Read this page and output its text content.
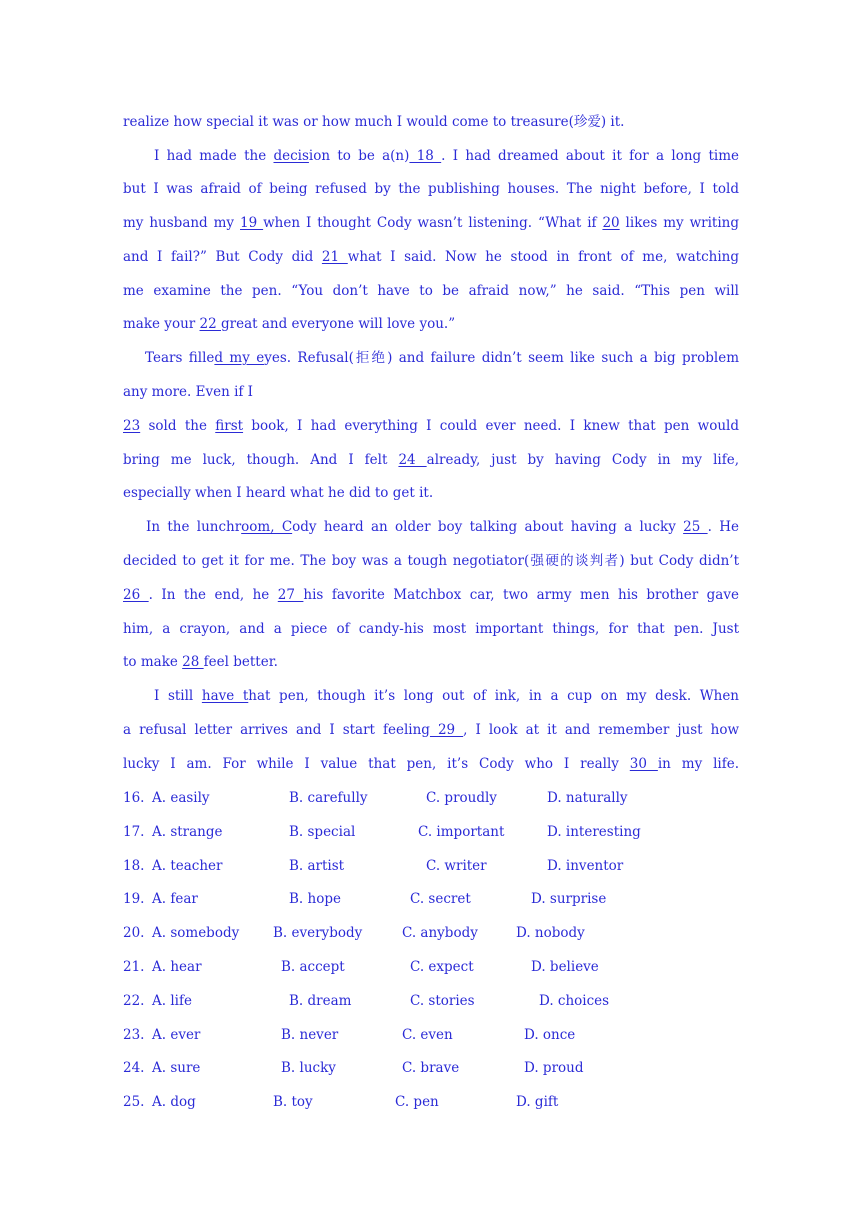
realize how special it was or how much I would come to treasure(珍爱) it.
I had made the decision to be a(n) 18 . I had dreamed about it for a long time
but I was afraid of being refused by the publishing houses. The night before, I told
my husband my 19 when I thought Cody wasn’t listening. “What if 20 likes my writing
and I fail?” But Cody did 21 what I said. Now he stood in front of me, watching
me examine the pen. “You don’t have to be afraid now,” he said. “This pen will
make your 22 great and everyone will love you.”
Tears filled my eyes. Refusal(拒绝) and failure didn’t seem like such a big problem
any more. Even if I
23 sold the first book, I had everything I could ever need. I knew that pen would
bring me luck, though. And I felt 24 already, just by having Cody in my life,
especially when I heard what he did to get it.
In the lunchroom, Cody heard an older boy talking about having a lucky 25 . He
decided to get it for me. The boy was a tough negotiator(强硬的谈判者) but Cody didn’t
26 . In the end, he 27 his favorite Matchbox car, two army men his brother gave
him, a crayon, and a piece of candy-his most important things, for that pen. Just
to make 28 feel better.
I still have that pen, though it’s long out of ink, in a cup on my desk. When
a refusal letter arrives and I start feeling 29 , I look at it and remember just how
lucky I am. For while I value that pen, it’s Cody who I really 30 in my life.
16. A. easily	B. carefully	C. proudly	D. naturally
17. A. strange	B. special	C. important	D. interesting
18. A. teacher	B. artist	C. writer	D. inventor
19. A. fear	B. hope	C. secret	D. surprise
20. A. somebody	B. everybody	C. anybody	D. nobody
21. A. hear	B. accept	C. expect	D. believe
22. A. life	B. dream	C. stories	D. choices
23. A. ever	B. never	C. even	D. once
24. A. sure	B. lucky	C. brave	D. proud
25. A. dog	B. toy	C. pen	D. gift
